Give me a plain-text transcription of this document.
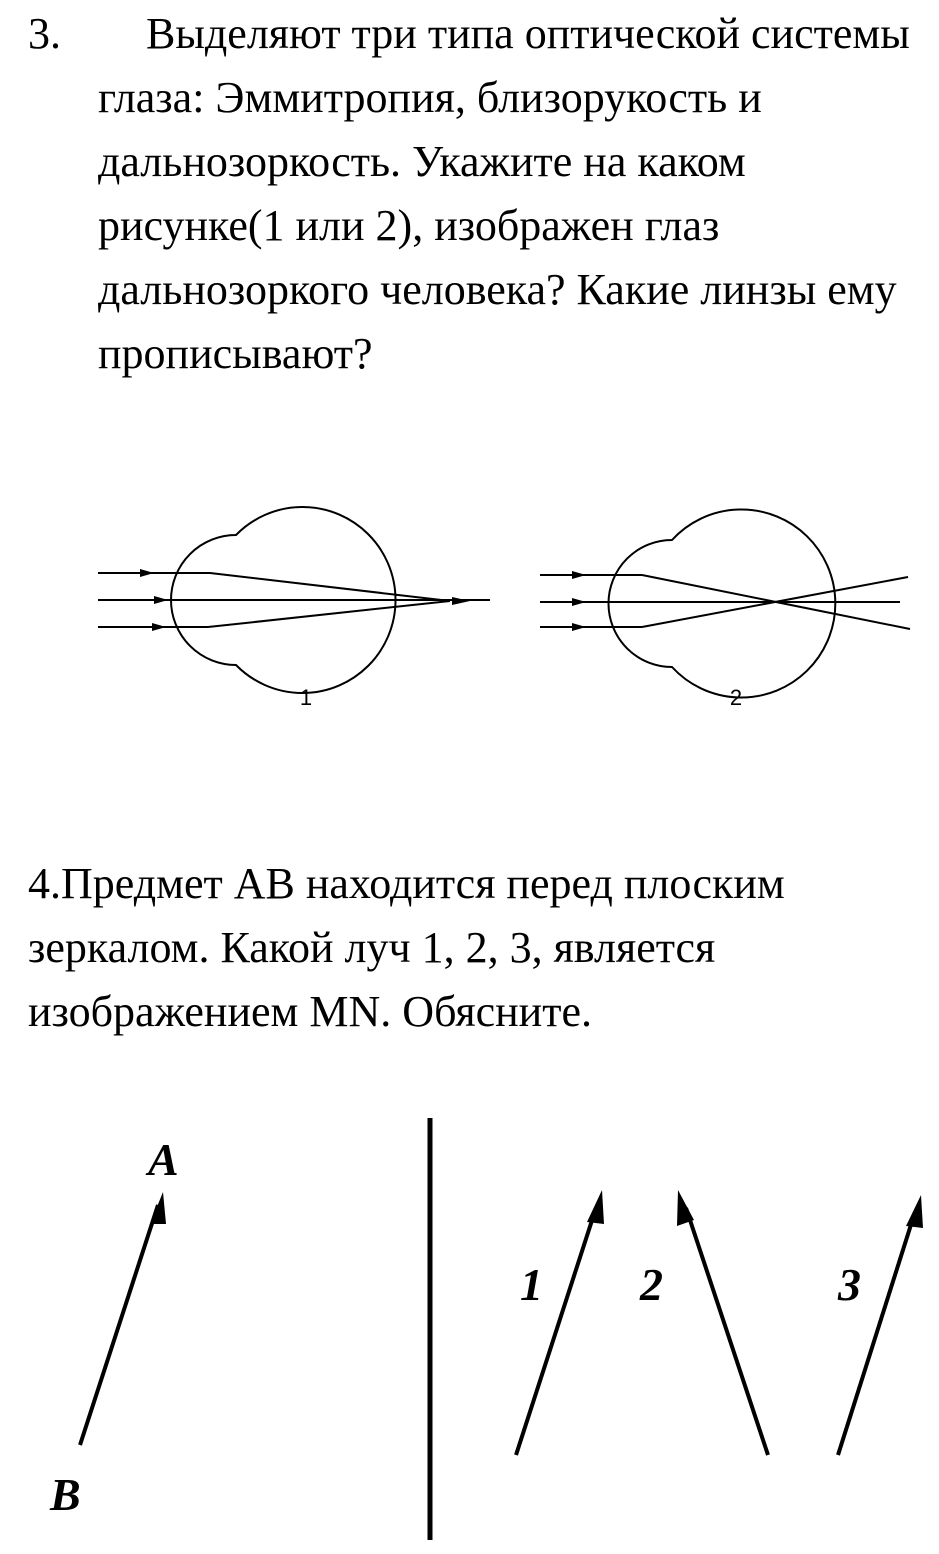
3.	Выделяют три типа оптической системы глаза: Эммитропия, близорукость и дальнозоркость. Укажите на каком рисунке(1 или 2), изображен глаз дальнозоркого человека? Какие линзы ему прописывают?
1	2
4.Предмет АВ находится перед плоским зеркалом. Какой луч 1, 2, 3, является изображением MN. Обясните.
A
B
1 2	3
